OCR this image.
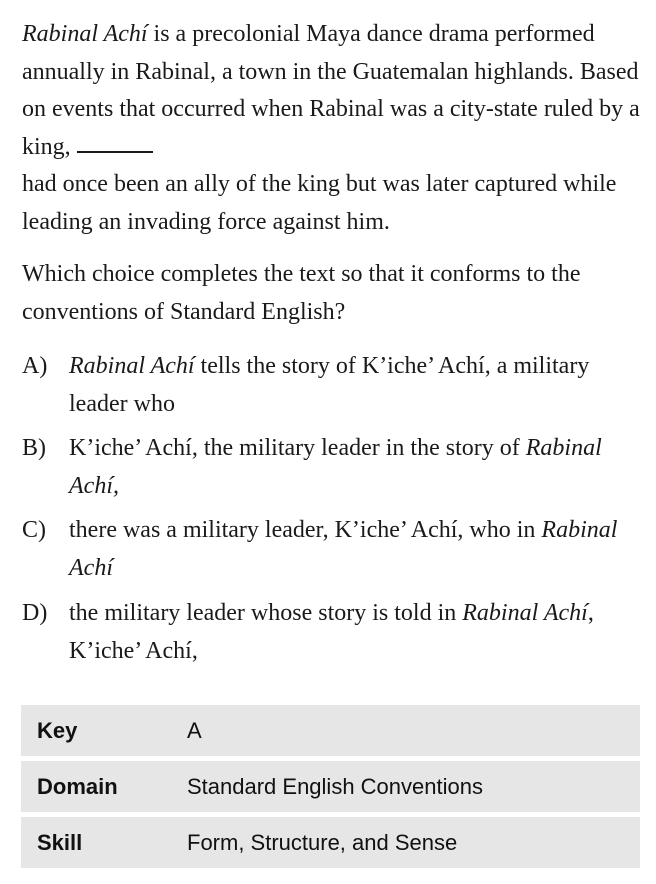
Rabinal Achí is a precolonial Maya dance drama performed annually in Rabinal, a town in the Guatemalan highlands. Based on events that occurred when Rabinal was a city-state ruled by a king,
had once been an ally of the king but was later captured while leading an invading force against him.
Which choice completes the text so that it conforms to the conventions of Standard English?
A) Rabinal Achí tells the story of K’iche’ Achí, a military leader who
B) K’iche’ Achí, the military leader in the story of Rabinal Achí,
C) there was a military leader, K’iche’ Achí, who in Rabinal Achí
D) the military leader whose story is told in Rabinal Achí, K’iche’ Achí,
Key	A
Domain	Standard English Conventions
Skill	Form, Structure, and Sense
